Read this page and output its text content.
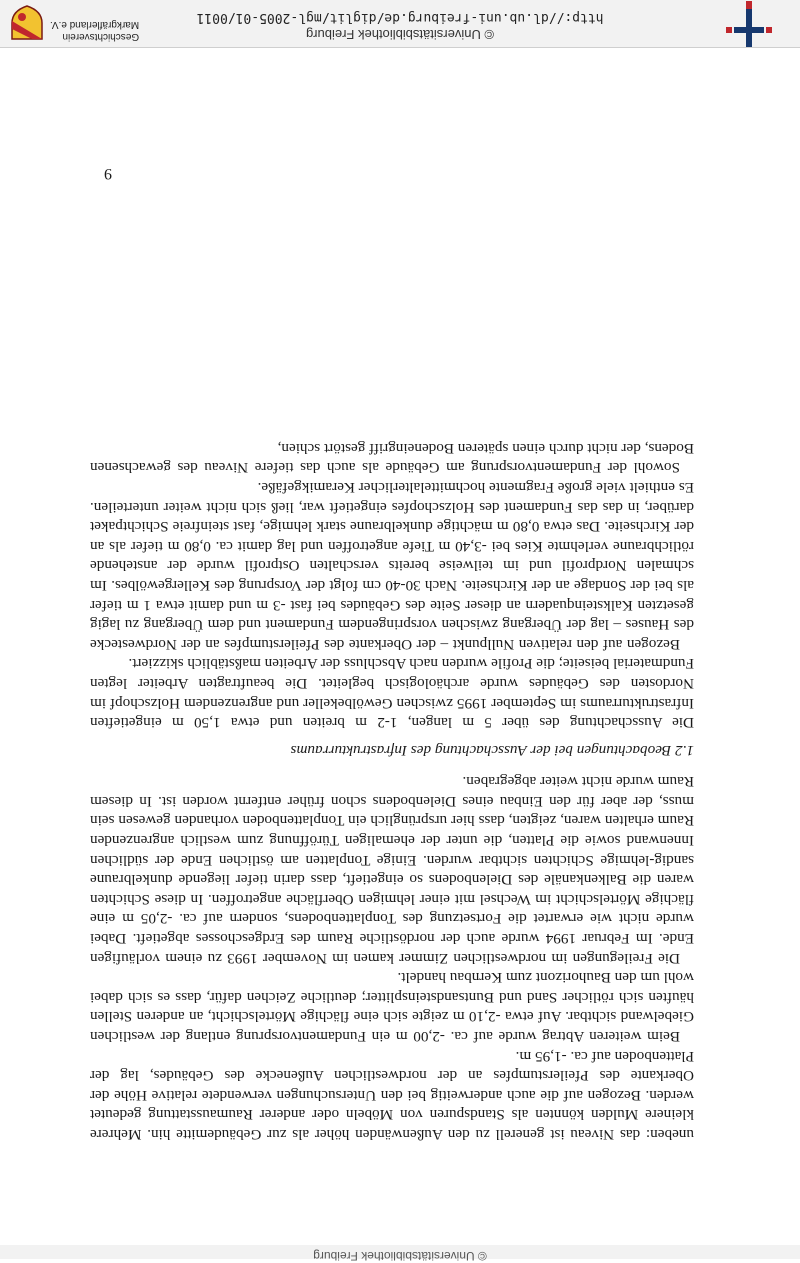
© Universitätsbibliothek Freiburg

uneben: das Niveau ist generell zu den Außenwänden höher als zur Gebäudemitte hin. Mehrere kleinere Mulden könnten als Standspuren von Möbeln oder anderer Raumausstattung gedeutet werden. Bezogen auf die auch anderweitig bei den Untersuchungen verwendete relative Höhe der Oberkante des Pfeilerstumpfes an der nordwestlichen Außenecke des Gebäudes, lag der Plattenboden auf ca. -1,95 m.

Beim weiteren Abtrag wurde auf ca. -2,00 m ein Fundamentvorsprung entlang der westlichen Giebelwand sichtbar. Auf etwa -2,10 m zeigte sich eine flächige Mörtelschicht, an anderen Stellen häuften sich rötlicher Sand und Buntsandsteinsplitter; deutliche Zeichen dafür, dass es sich dabei wohl um den Bauhorizont zum Kernbau handelt.

Die Freilegungen im nordwestlichen Zimmer kamen im November 1993 zu einem vorläufigen Ende. Im Februar 1994 wurde auch der nordöstliche Raum des Erdgeschosses abgetieft. Dabei wurde nicht wie erwartet die Fortsetzung des Tonplattenbodens, sondern auf ca. -2,05 m eine flächige Mörtelschicht im Wechsel mit einer lehmigen Oberfläche angetroffen. In diese Schichten waren die Balkenkanäle des Dielenbodens so eingetieft, dass darin tiefer liegende dunkelbraune sandig-lehmige Schichten sichtbar wurden. Einige Tonplatten am östlichen Ende der südlichen Innenwand sowie die Platten, die unter der ehemaligen Türöffnung zum westlich angrenzenden Raum erhalten waren, zeigten, dass hier ursprünglich ein Tonplattenboden vorhanden gewesen sein muss, der aber für den Einbau eines Dielenbodens schon früher entfernt worden ist. In diesem Raum wurde nicht weiter abgegraben.

1.2 Beobachtungen bei der Ausschachtung des Infrastrukturraums

Die Ausschachtung des über 5 m langen, 1-2 m breiten und etwa 1,50 m eingetieften Infrastrukturraums im September 1995 zwischen Gewölbekeller und angrenzendem Holzschopf im Nordosten des Gebäudes wurde archäologisch begleitet. Die beauftragten Arbeiter legten Fundmaterial beiseite; die Profile wurden nach Abschluss der Arbeiten maßstäblich skizziert.

Bezogen auf den relativen Nullpunkt – der Oberkante des Pfeilerstumpfes an der Nordwestecke des Hauses – lag der Übergang zwischen vorspringendem Fundament und dem Übergang zu lagig gesetzten Kalksteinquadern an dieser Seite des Gebäudes bei fast -3 m und damit etwa 1 m tiefer als bei der Sondage an der Kirchseite. Nach 30-40 cm folgt der Vorsprung des Kellergewölbes. Im schmalen Nordprofil und im teilweise bereits verschalten Ostprofil wurde der anstehende rötlichbraune verlehmte Kies bei -3,40 m Tiefe angetroffen und lag damit ca. 0,80 m tiefer als an der Kirchseite. Das etwa 0,80 m mächtige dunkelbraune stark lehmige, fast steinfreie Schichtpaket darüber, in das das Fundament des Holzschopfes eingetieft war, ließ sich nicht weiter unterteilen. Es enthielt viele große Fragmente hochmittelalterlicher Keramikgefäße.

Sowohl der Fundamentvorsprung am Gebäude als auch das tiefere Niveau des gewachsenen Bodens, der nicht durch einen späteren Bodeneingriff gestört schien,

9
© Universitätsbibliothek Freiburg
http://dl.ub.uni-freiburg.de/diglit/mgl-2005-01/0011
Geschichtsverein
Markgräflerland e.V.
